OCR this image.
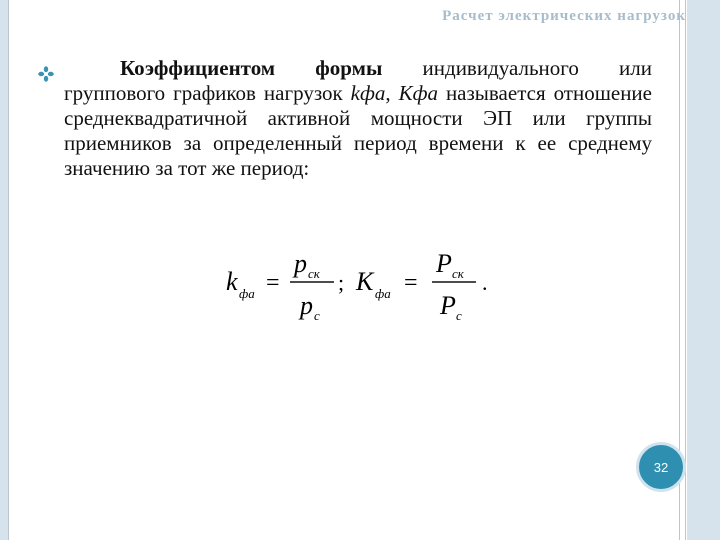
Расчет электрических нагрузок
Коэффициентом формы индивидуального или группового графиков нагрузок kфа, Кфа называется отношение среднеквадратичной активной мощности ЭП или группы приемников за определенный период времени к ее среднему значению за тот же период:
k фа =
p ск
p с
; K фа =
P ск
P с
.
32
